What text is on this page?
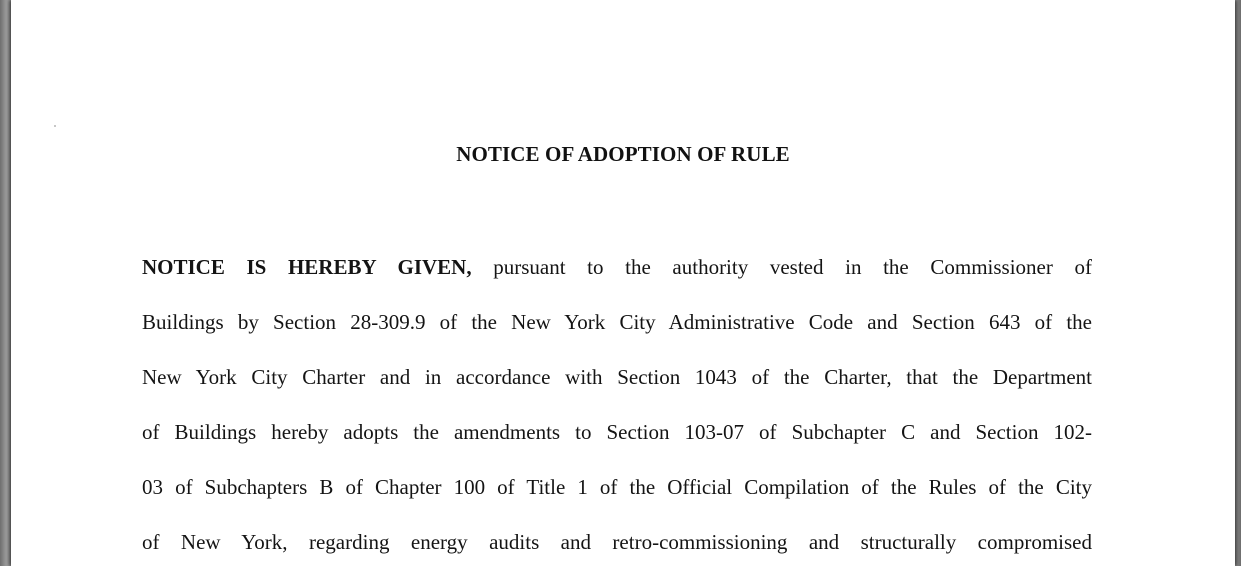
NOTICE OF ADOPTION OF RULE
NOTICE IS HEREBY GIVEN, pursuant to the authority vested in the Commissioner of
Buildings by Section 28-309.9 of the New York City Administrative Code and Section 643 of the
New York City Charter and in accordance with Section 1043 of the Charter, that the Department
of Buildings hereby adopts the amendments to Section 103-07 of Subchapter C and Section 102-
03 of Subchapters B of Chapter 100 of Title 1 of the Official Compilation of the Rules of the City
of New York, regarding energy audits and retro-commissioning and structurally compromised
